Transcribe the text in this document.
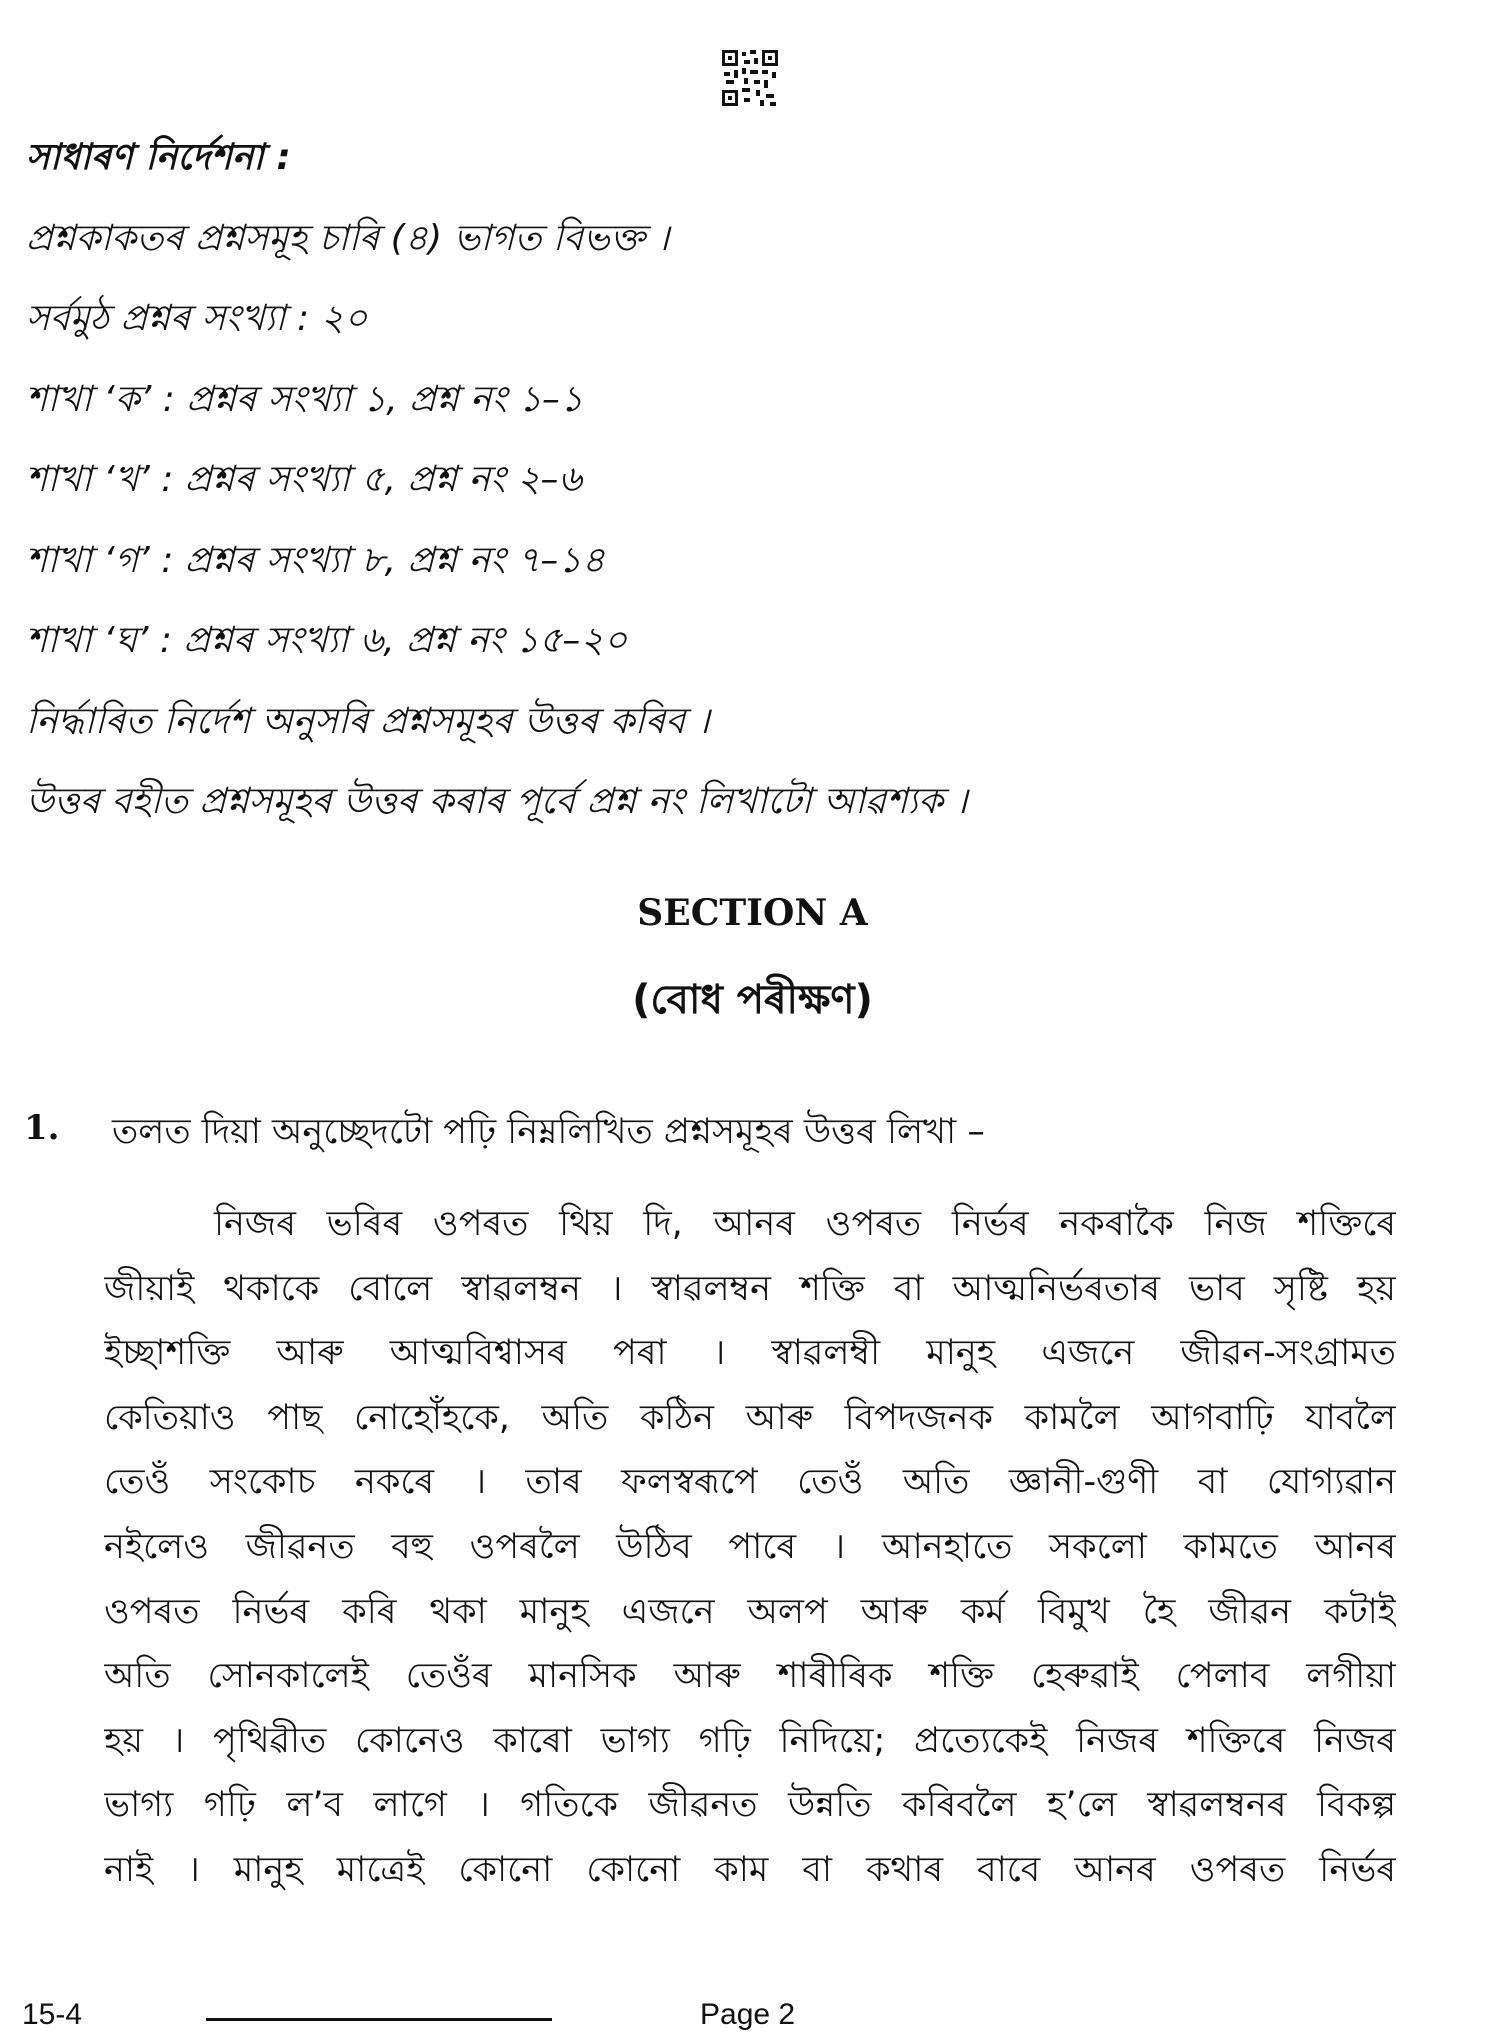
সাধাৰণ নিৰ্দেশনা :

প্ৰশ্নকাকতৰ প্ৰশ্নসমূহ চাৰি (৪) ভাগত বিভক্ত ।

সৰ্বমুঠ প্ৰশ্নৰ সংখ্যা : ২০

শাখা ‘ক’ : প্ৰশ্নৰ সংখ্যা ১, প্ৰশ্ন নং ১–১

শাখা ‘খ’ : প্ৰশ্নৰ সংখ্যা ৫, প্ৰশ্ন নং ২–৬

শাখা ‘গ’ : প্ৰশ্নৰ সংখ্যা ৮, প্ৰশ্ন নং ৭–১৪

শাখা ‘ঘ’ : প্ৰশ্নৰ সংখ্যা ৬, প্ৰশ্ন নং ১৫–২০

নিৰ্দ্ধাৰিত নিৰ্দেশ অনুসৰি প্ৰশ্নসমূহৰ উত্তৰ কৰিব ।

উত্তৰ বহীত প্ৰশ্নসমূহৰ উত্তৰ কৰাৰ পূৰ্বে প্ৰশ্ন নং লিখাটো আৱশ্যক ।

SECTION A
(বোধ পৰীক্ষণ)
1. তলত দিয়া অনুচ্ছেদটো পঢ়ি নিম্নলিখিত প্ৰশ্নসমূহৰ উত্তৰ লিখা –
নিজৰ ভৰিৰ ওপৰত থিয় দি, আনৰ ওপৰত নিৰ্ভৰ নকৰাকৈ নিজ শক্তিৰে
জীয়াই থকাকে বোলে স্বাৱলম্বন । স্বাৱলম্বন শক্তি বা আত্মনিৰ্ভৰতাৰ ভাব সৃষ্টি হয়
ইচ্ছাশক্তি আৰু আত্মবিশ্বাসৰ পৰা । স্বাৱলম্বী মানুহ এজনে জীৱন-সংগ্ৰামত
কেতিয়াও পাছ নোহোঁহকে, অতি কঠিন আৰু বিপদজনক কামলৈ আগবাঢ়ি যাবলৈ
তেওঁ সংকোচ নকৰে । তাৰ ফলস্বৰূপে তেওঁ অতি জ্ঞানী-গুণী বা যোগ্যৱান
নইলেও জীৱনত বহু ওপৰলৈ উঠিব পাৰে । আনহাতে সকলো কামতে আনৰ
ওপৰত নিৰ্ভৰ কৰি থকা মানুহ এজনে অলপ আৰু কৰ্ম বিমুখ হৈ জীৱন কটাই
অতি সোনকালেই তেওঁৰ মানসিক আৰু শাৰীৰিক শক্তি হেৰুৱাই পেলাব লগীয়া
হয় । পৃথিৱীত কোনেও কাৰো ভাগ্য গঢ়ি নিদিয়ে; প্ৰত্যেকেই নিজৰ শক্তিৰে নিজৰ
ভাগ্য গঢ়ি ল’ব লাগে । গতিকে জীৱনত উন্নতি কৰিবলৈ হ’লে স্বাৱলম্বনৰ বিকল্প
নাই । মানুহ মাত্ৰেই কোনো কোনো কাম বা কথাৰ বাবে আনৰ ওপৰত নিৰ্ভৰ
15-4	Page 2
